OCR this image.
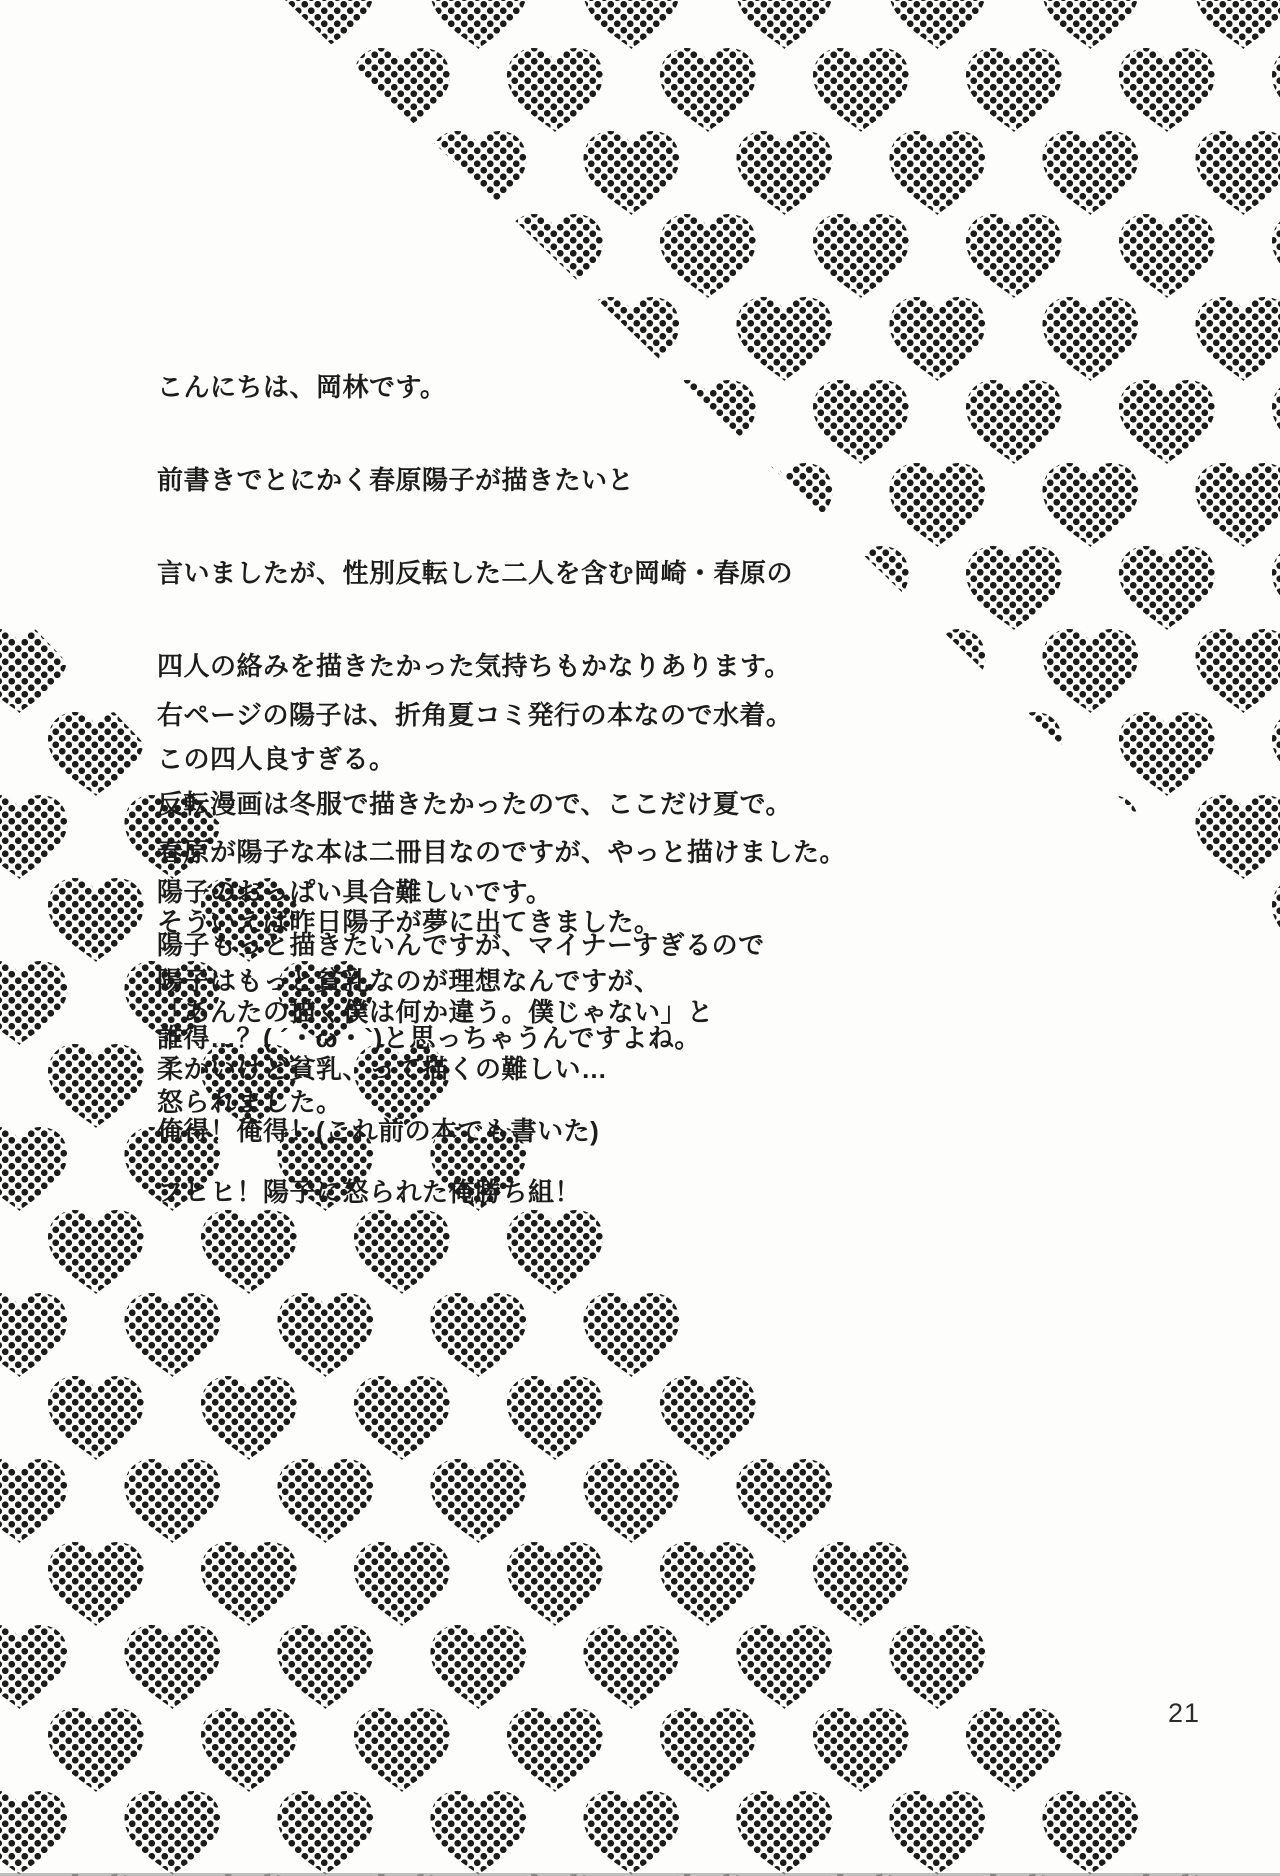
こんにちは、岡林です。

前書きでとにかく春原陽子が描きたいと

言いましたが、性別反転した二人を含む岡崎・春原の

四人の絡みを描きたかった気持ちもかなりあります。

この四人良すぎる。

春原が陽子な本は二冊目なのですが、やっと描けました。

陽子もっと描きたいんですが、マイナーすぎるので

誰得…？( ´・ω・`)と思っちゃうんですよね。

俺得！俺得！(これ前の本でも書いた)

右ページの陽子は、折角夏コミ発行の本なので水着。

反転漫画は冬服で描きたかったので、ここだけ夏で。

陽子のおっぱい具合難しいです。

陽子はもっと貧乳なのが理想なんですが、

柔かいけど貧乳、って描くの難しい…

そういえば昨日陽子が夢に出てきました。

「あんたの描く僕は何か違う。僕じゃない」と

怒られました。

フヒヒ！陽子に怒られた俺勝ち組！

21
